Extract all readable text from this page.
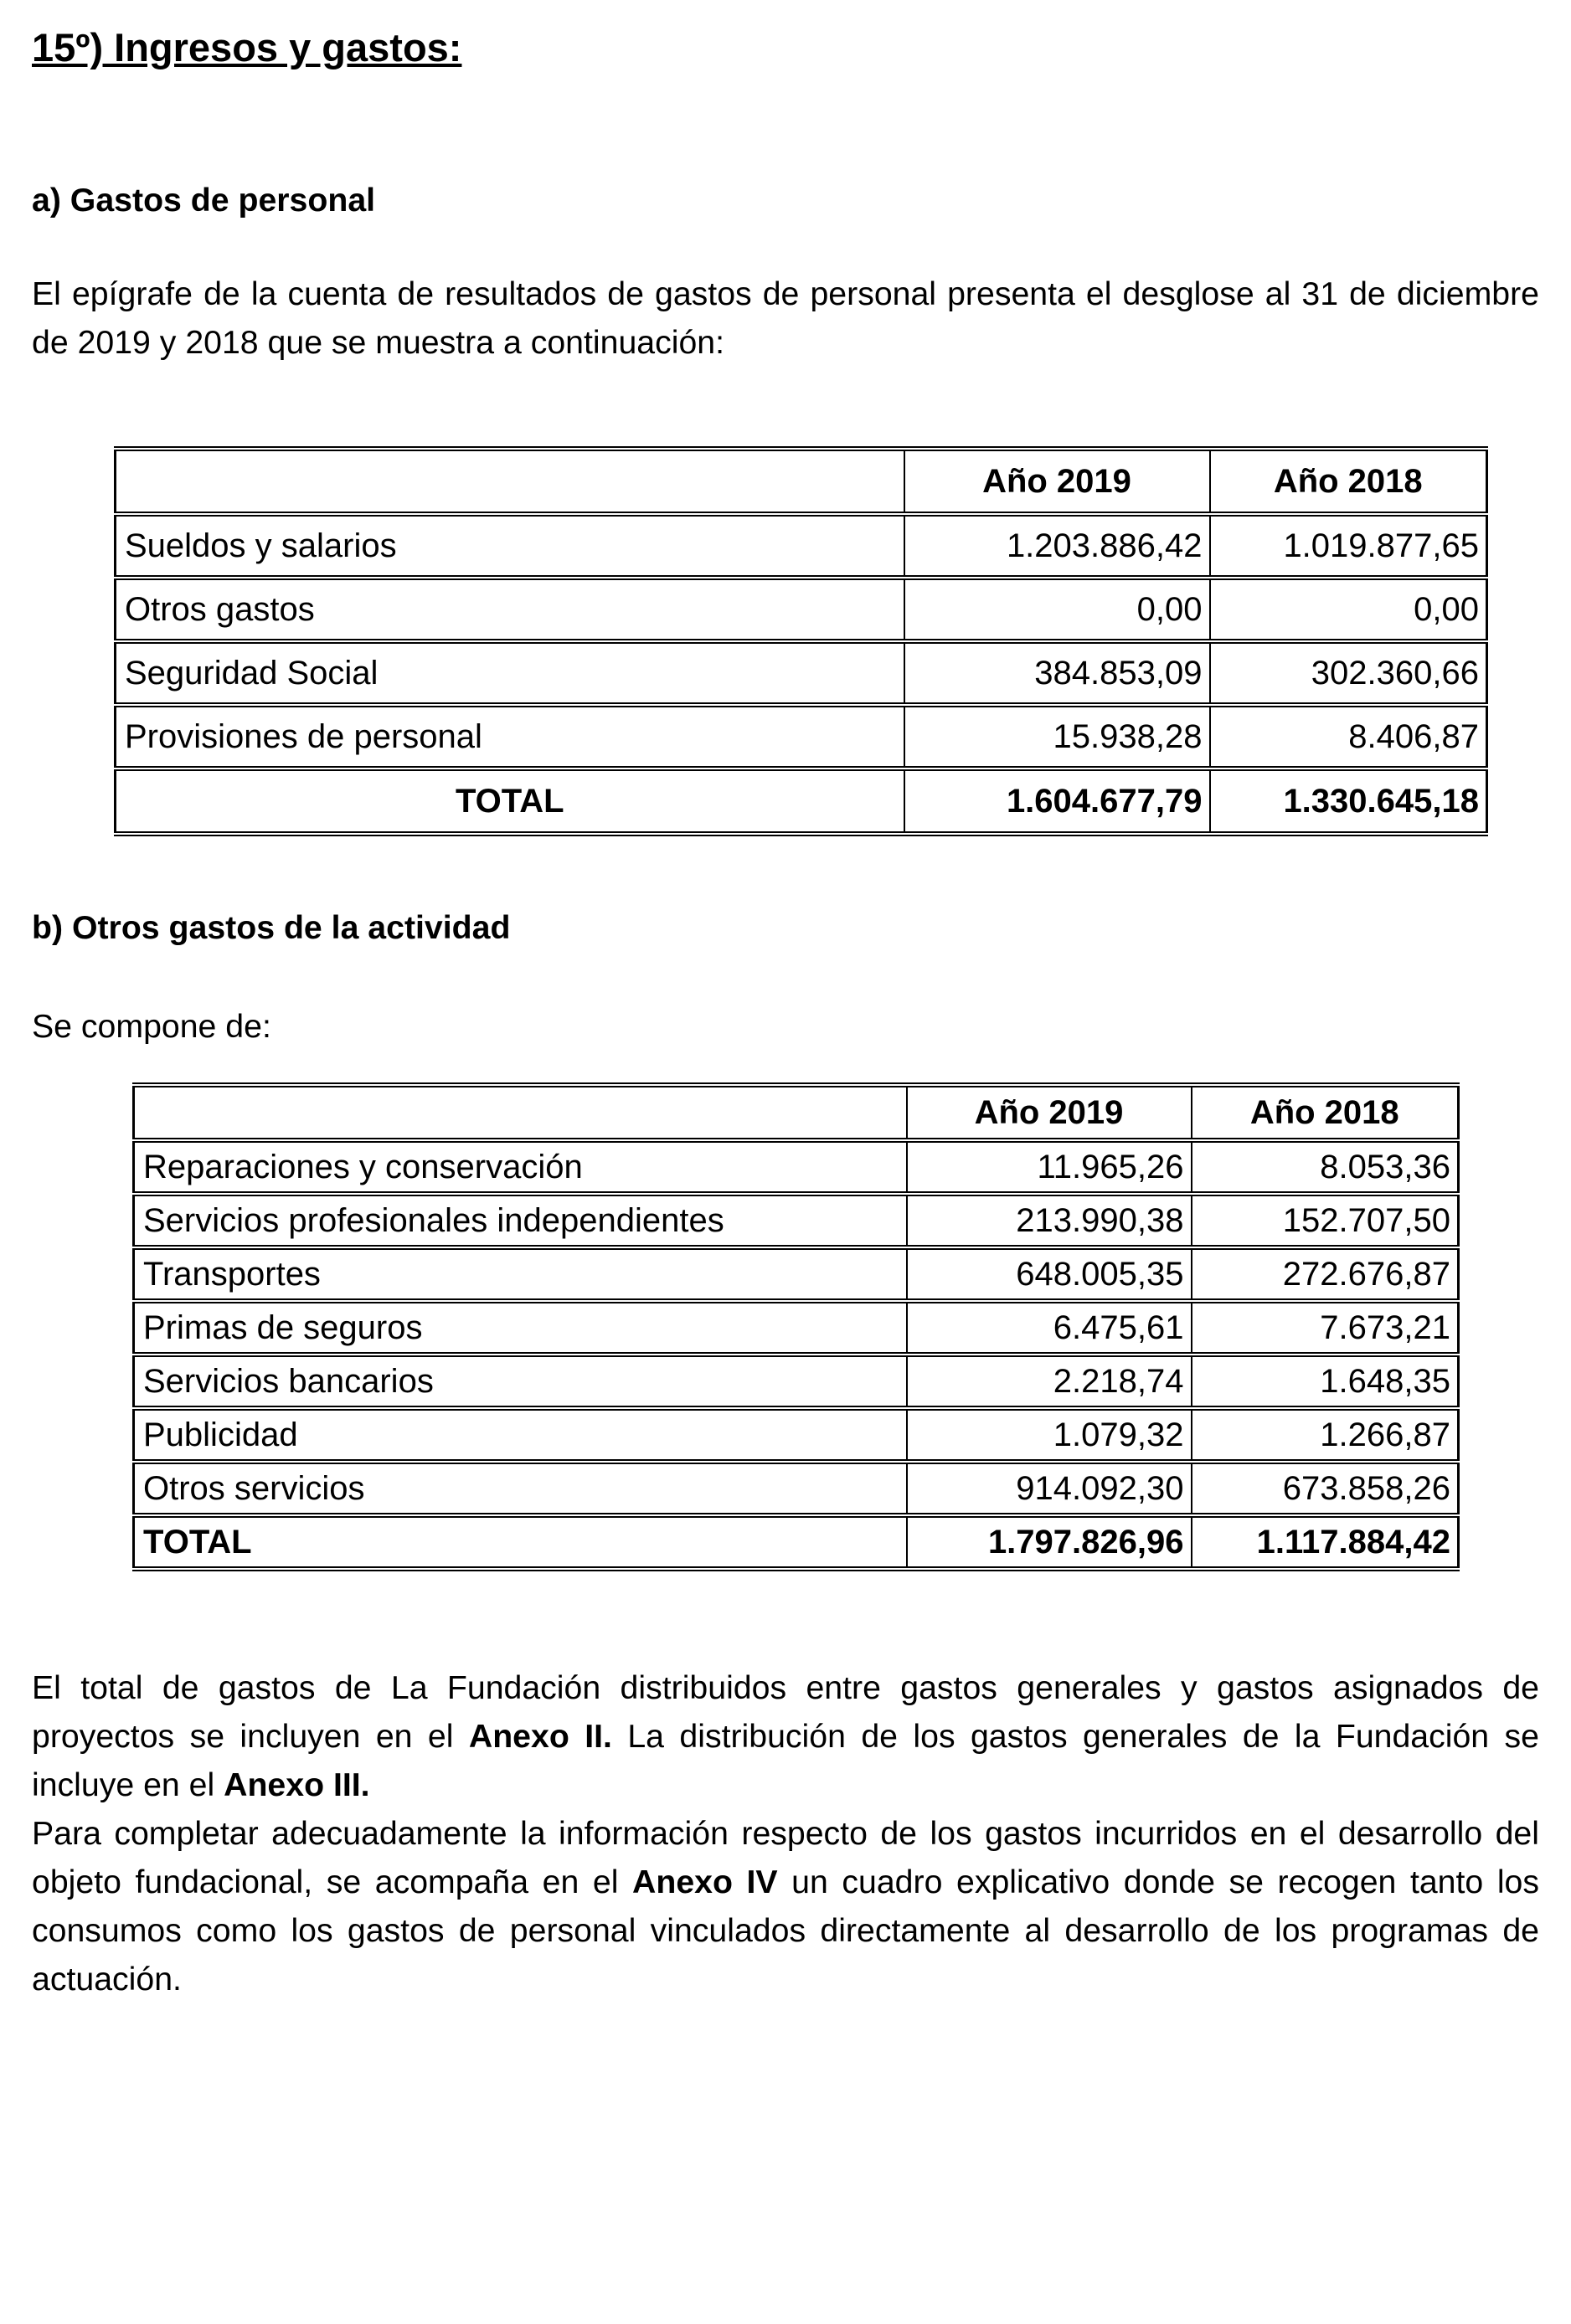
15º) Ingresos y gastos:
a) Gastos de personal

El epígrafe de la cuenta de resultados de gastos de personal presenta el desglose al 31 de diciembre de 2019 y 2018 que se muestra a continuación:

	Año 2019	Año 2018
Sueldos y salarios	1.203.886,42	1.019.877,65
Otros gastos	0,00	0,00
Seguridad Social	384.853,09	302.360,66
Provisiones de personal	15.938,28	8.406,87
TOTAL	1.604.677,79	1.330.645,18
b) Otros gastos de la actividad

Se compone de:

	Año 2019	Año 2018
Reparaciones y conservación	11.965,26	8.053,36
Servicios profesionales independientes	213.990,38	152.707,50
Transportes	648.005,35	272.676,87
Primas de seguros	6.475,61	7.673,21
Servicios bancarios	2.218,74	1.648,35
Publicidad	1.079,32	1.266,87
Otros servicios	914.092,30	673.858,26
TOTAL	1.797.826,96	1.117.884,42

El total de gastos de La Fundación distribuidos entre gastos generales y gastos asignados de proyectos se incluyen en el Anexo II. La distribución de los gastos generales de la Fundación se incluye en el Anexo III.

Para completar adecuadamente la información respecto de los gastos incurridos en el desarrollo del objeto fundacional, se acompaña en el Anexo IV un cuadro explicativo donde se recogen tanto los consumos como los gastos de personal vinculados directamente al desarrollo de los programas de actuación.
